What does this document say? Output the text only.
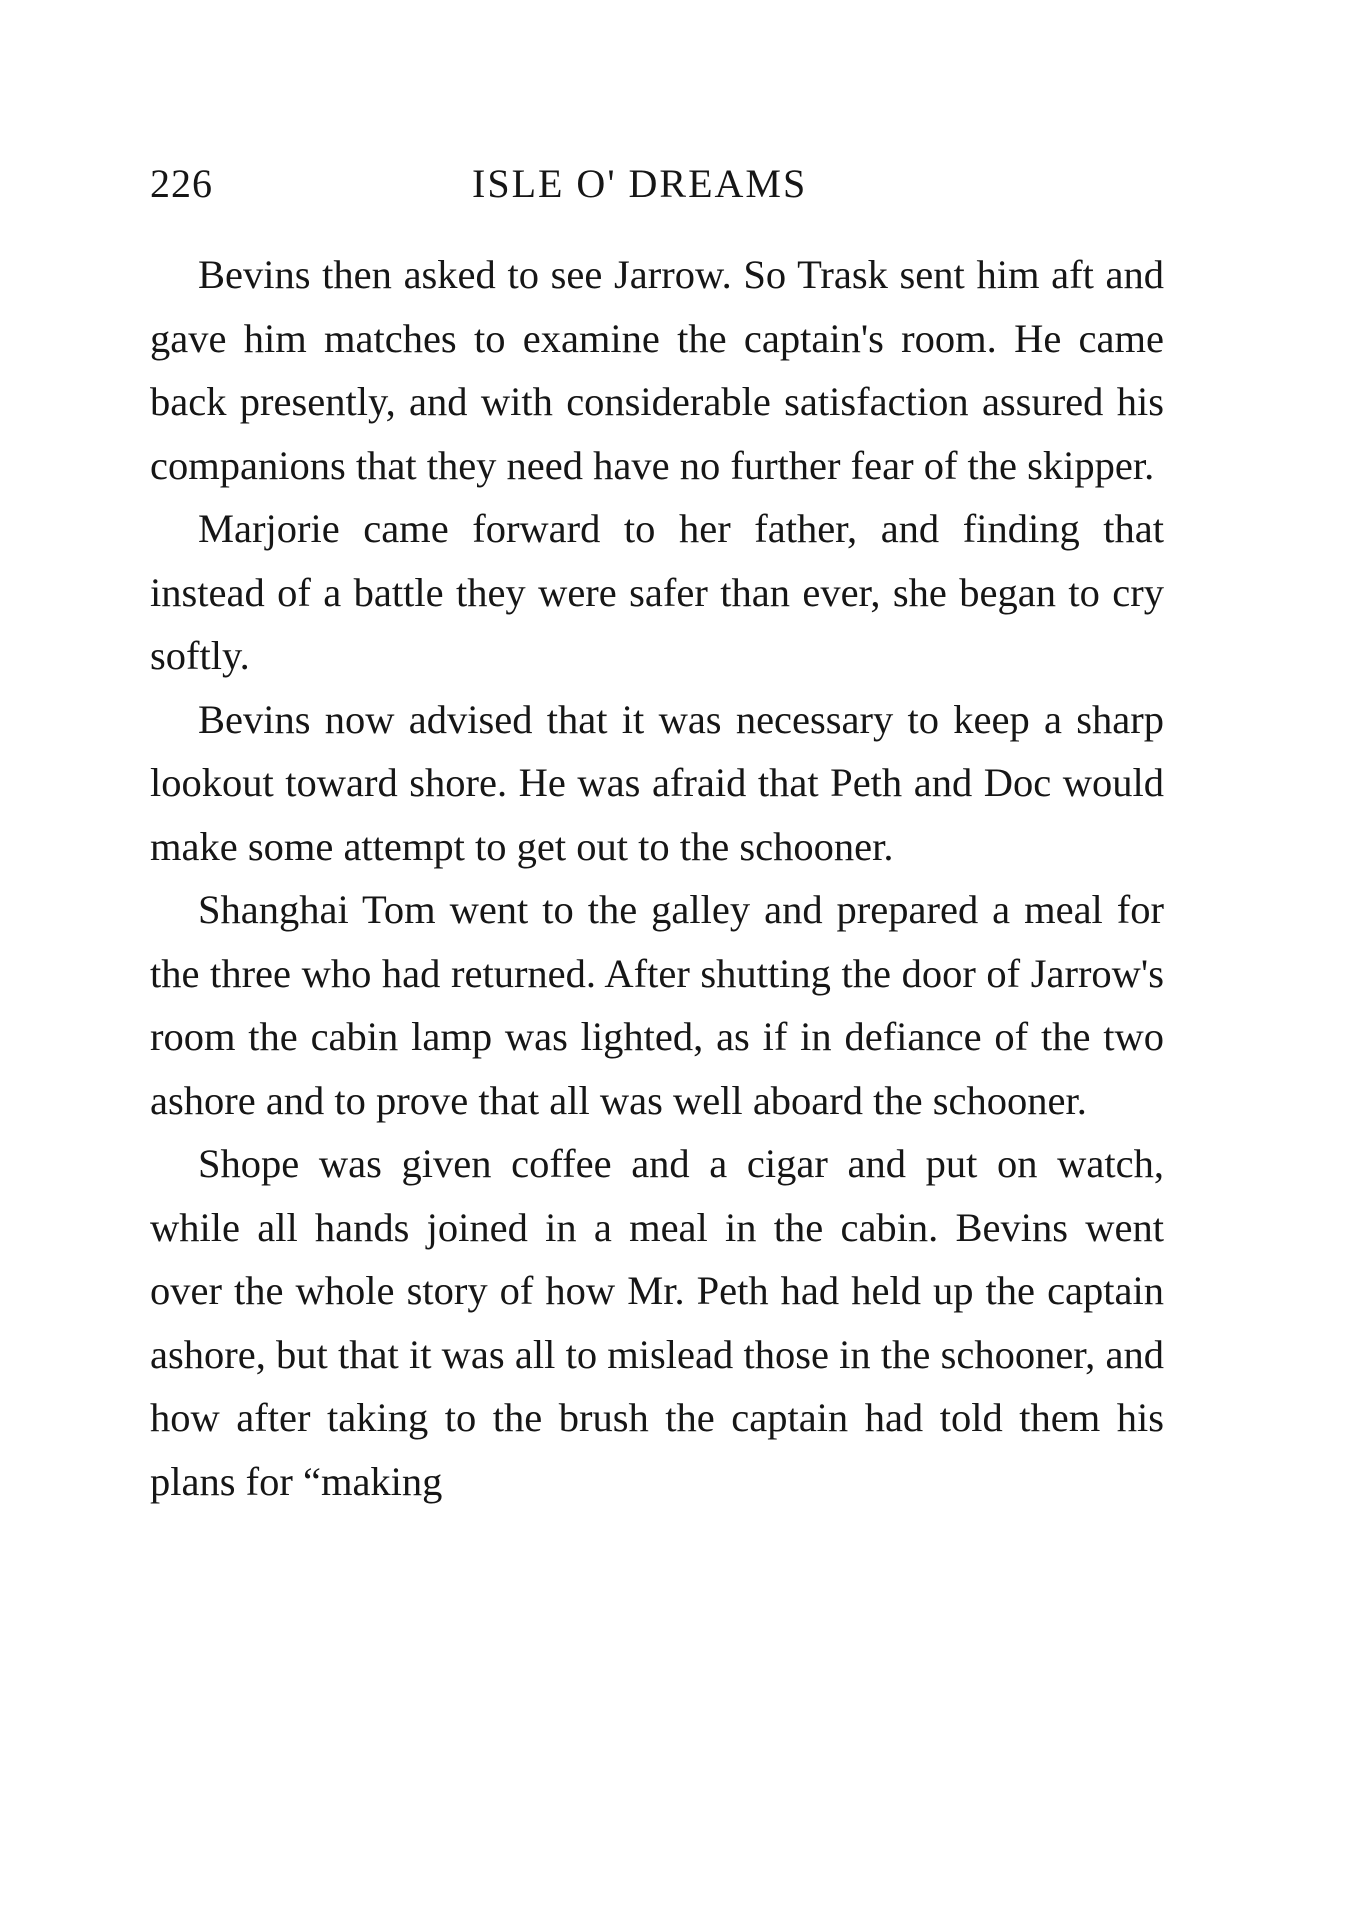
226	ISLE O' DREAMS

Bevins then asked to see Jarrow. So Trask sent him aft and gave him matches to examine the captain's room. He came back presently, and with considerable satisfaction assured his companions that they need have no further fear of the skipper.

Marjorie came forward to her father, and finding that instead of a battle they were safer than ever, she began to cry softly.

Bevins now advised that it was necessary to keep a sharp lookout toward shore. He was afraid that Peth and Doc would make some attempt to get out to the schooner.

Shanghai Tom went to the galley and prepared a meal for the three who had returned. After shutting the door of Jarrow's room the cabin lamp was lighted, as if in defiance of the two ashore and to prove that all was well aboard the schooner.

Shope was given coffee and a cigar and put on watch, while all hands joined in a meal in the cabin. Bevins went over the whole story of how Mr. Peth had held up the captain ashore, but that it was all to mislead those in the schooner, and how after taking to the brush the captain had told them his plans for “making
